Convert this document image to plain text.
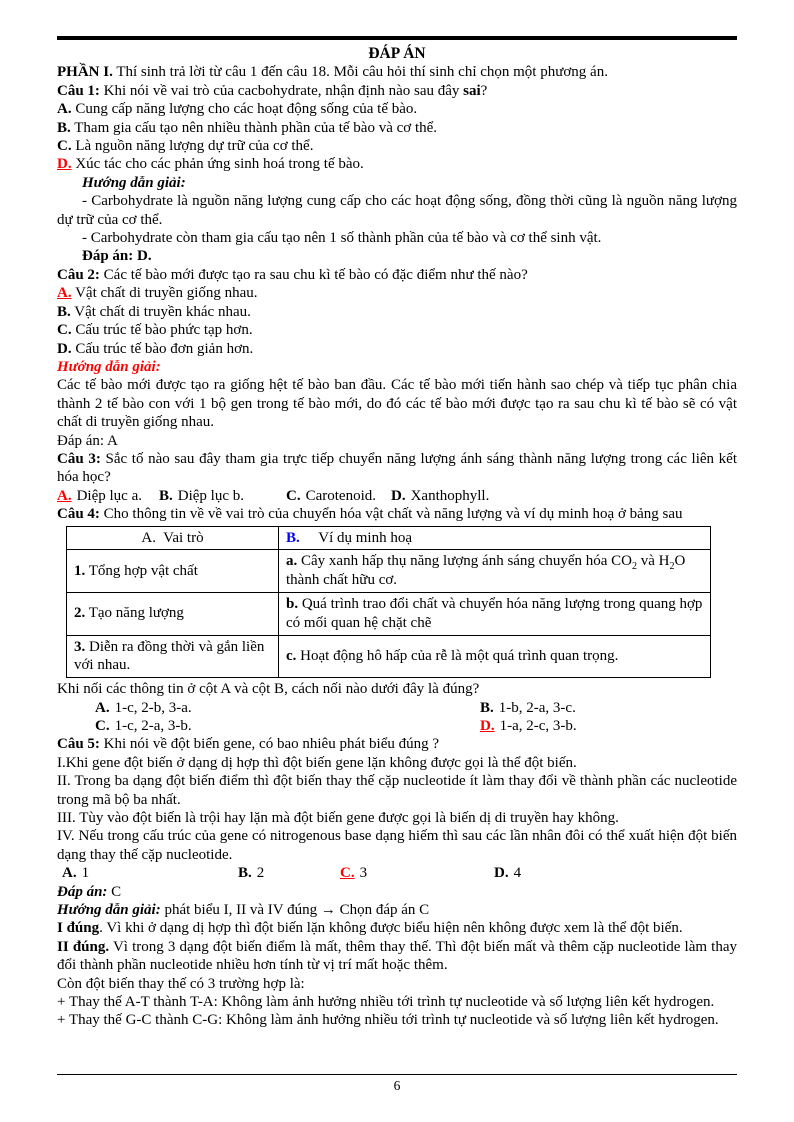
ĐÁP ÁN
PHẦN I. Thí sinh trả lời từ câu 1 đến câu 18. Mỗi câu hỏi thí sinh chỉ chọn một phương án.
Câu 1: Khi nói về vai trò của cacbohydrate, nhận định nào sau đây sai?
A. Cung cấp năng lượng cho các hoạt động sống của tế bào.
B. Tham gia cấu tạo nên nhiều thành phần của tế bào và cơ thể.
C. Là nguồn năng lượng dự trữ của cơ thể.
D. Xúc tác cho các phản ứng sinh hoá trong tế bào.
Hướng dẫn giải:
- Carbohydrate là nguồn năng lượng cung cấp cho các hoạt động sống, đồng thời cũng là nguồn năng lượng dự trữ của cơ thể.
- Carbohydrate còn tham gia cấu tạo nên 1 số thành phần của tế bào và cơ thể sinh vật.
Đáp án: D.
Câu 2: Các tế bào mới được tạo ra sau chu kì tế bào có đặc điểm như thế nào?
A. Vật chất di truyền giống nhau.
B. Vật chất di truyền khác nhau.
C. Cấu trúc tế bào phức tạp hơn.
D. Cấu trúc tế bào đơn giản hơn.
Hướng dẫn giải:
Các tế bào mới được tạo ra giống hệt tế bào ban đầu. Các tế bào mới tiến hành sao chép và tiếp tục phân chia thành 2 tế bào con với 1 bộ gen trong tế bào mới, do đó các tế bào mới được tạo ra sau chu kì tế bào sẽ có vật chất di truyền giống nhau.
Đáp án: A
Câu 3: Sắc tố nào sau đây tham gia trực tiếp chuyển năng lượng ánh sáng thành năng lượng trong các liên kết hóa học?
A. Diệp lục a. B. Diệp lục b.	C. Carotenoid. D. Xanthophyll.
Câu 4: Cho thông tin về về vai trò của chuyển hóa vật chất và năng lượng và ví dụ minh hoạ ở bảng sau
A.  Vai trò	B.     Ví dụ minh hoạ
1. Tổng hợp vật chất	a. Cây xanh hấp thụ năng lượng ánh sáng chuyển hóa $CO_2$ và $H_2O$ thành chất hữu cơ.
2. Tạo năng lượng	b. Quá trình trao đổi chất và chuyển hóa năng lượng trong quang hợp có mối quan hệ chặt chẽ
3. Diễn ra đồng thời và gắn liền với nhau.	c. Hoạt động hô hấp của rễ là một quá trình quan trọng.
Khi nối các thông tin ở cột A và cột B, cách nối nào dưới đây là đúng?
A. 1-c, 2-b, 3-a.	B. 1-b, 2-a, 3-c.
C. 1-c, 2-a, 3-b.	D. 1-a, 2-c, 3-b.
Câu 5: Khi nói về đột biến gene, có bao nhiêu phát biểu đúng ?
I.Khi gene đột biến ở dạng dị hợp thì đột biến gene lặn không được gọi là thể đột biến.
II. Trong ba dạng đột biến điểm thì đột biến thay thế cặp nucleotide ít làm thay đổi về thành phần các nucleotide trong mã bộ ba nhất.
III. Tùy vào đột biến là trội hay lặn mà đột biến gene được gọi là biến dị di truyền hay không.
IV. Nếu trong cấu trúc của gene có nitrogenous base dạng hiếm thì sau các lần nhân đôi có thể xuất hiện đột biến dạng thay thế cặp nucleotide.
A. 1	B. 2	C. 3	D. 4
Đáp án: C
Hướng dẫn giải: phát biểu I, II và IV đúng → Chọn đáp án C
I đúng. Vì khi ở dạng dị hợp thì đột biến lặn không được biểu hiện nên không được xem là thể đột biến.
II đúng. Vì trong 3 dạng đột biến điểm là mất, thêm thay thế. Thì đột biến mất và thêm cặp nucleotide làm thay đổi thành phần nucleotide nhiều hơn tính từ vị trí mất hoặc thêm.
Còn đột biến thay thế có 3 trường hợp là:
+ Thay thế A-T thành T-A: Không làm ảnh hưởng nhiều tới trình tự nucleotide và số lượng liên kết hydrogen.
+ Thay thế G-C thành C-G: Không làm ảnh hưởng nhiều tới trình tự nucleotide và số lượng liên kết hydrogen.
6
